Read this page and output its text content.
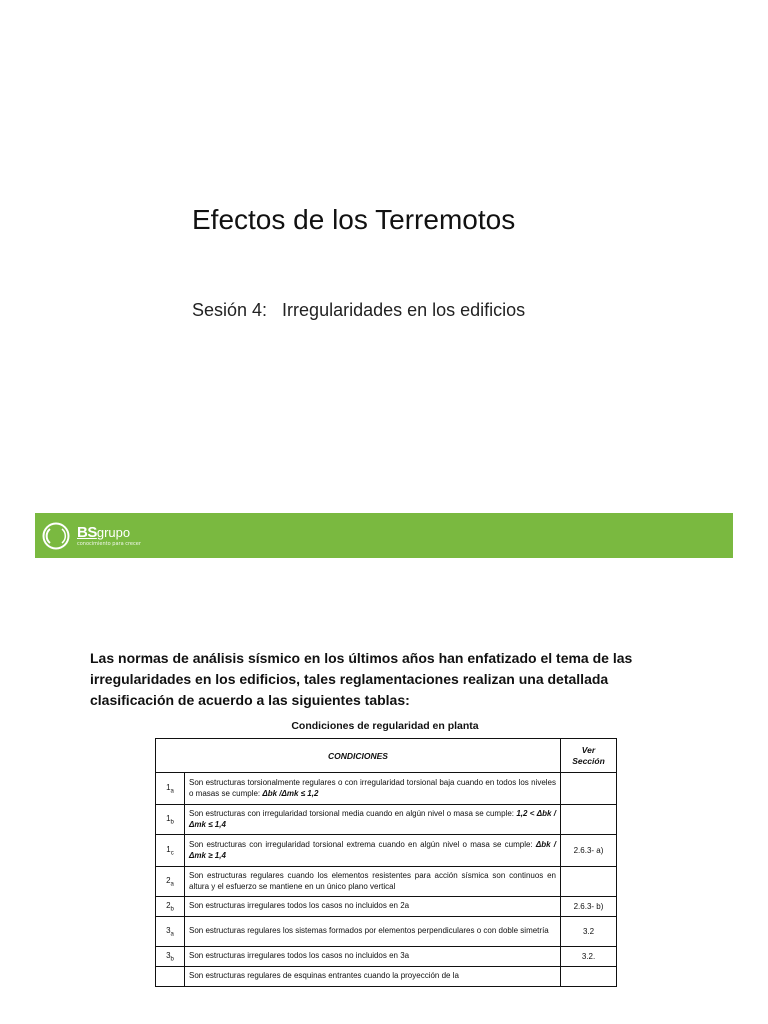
Efectos de los Terremotos

Sesión 4:   Irregularidades en los edificios

BSgrupo
conocimiento para crecer

Las normas de análisis sísmico en los últimos años han enfatizado el tema de las irregularidades en los edificios, tales reglamentaciones realizan una detallada clasificación de acuerdo a las siguientes tablas:

Condiciones de regularidad en planta
CONDICIONES		Ver
Sección
$1_a$	Son estructuras torsionalmente regulares o con irregularidad torsional baja cuando en todos los niveles o masas se cumple: Δbk /Δmk ≤ 1,2	
$1_b$	Son estructuras con irregularidad torsional media cuando en algún nivel o masa se cumple: 1,2 < Δbk /Δmk ≤ 1,4	
$1_c$	Son estructuras con irregularidad torsional extrema cuando en algún nivel o masa se cumple: Δbk /Δmk ≥ 1,4	2.6.3- a)
$2_a$	Son estructuras regulares cuando los elementos resistentes para acción sísmica son continuos en altura y el esfuerzo se mantiene en un único plano vertical	
$2_b$	Son estructuras irregulares todos los casos no incluidos en 2a	2.6.3- b)
$3_a$	Son estructuras regulares los sistemas formados por elementos perpendiculares o con doble simetría	3.2
$3_b$	Son estructuras irregulares todos los casos no incluidos en 3a	3.2.
	Son estructuras regulares de esquinas entrantes cuando la proyección de la	
